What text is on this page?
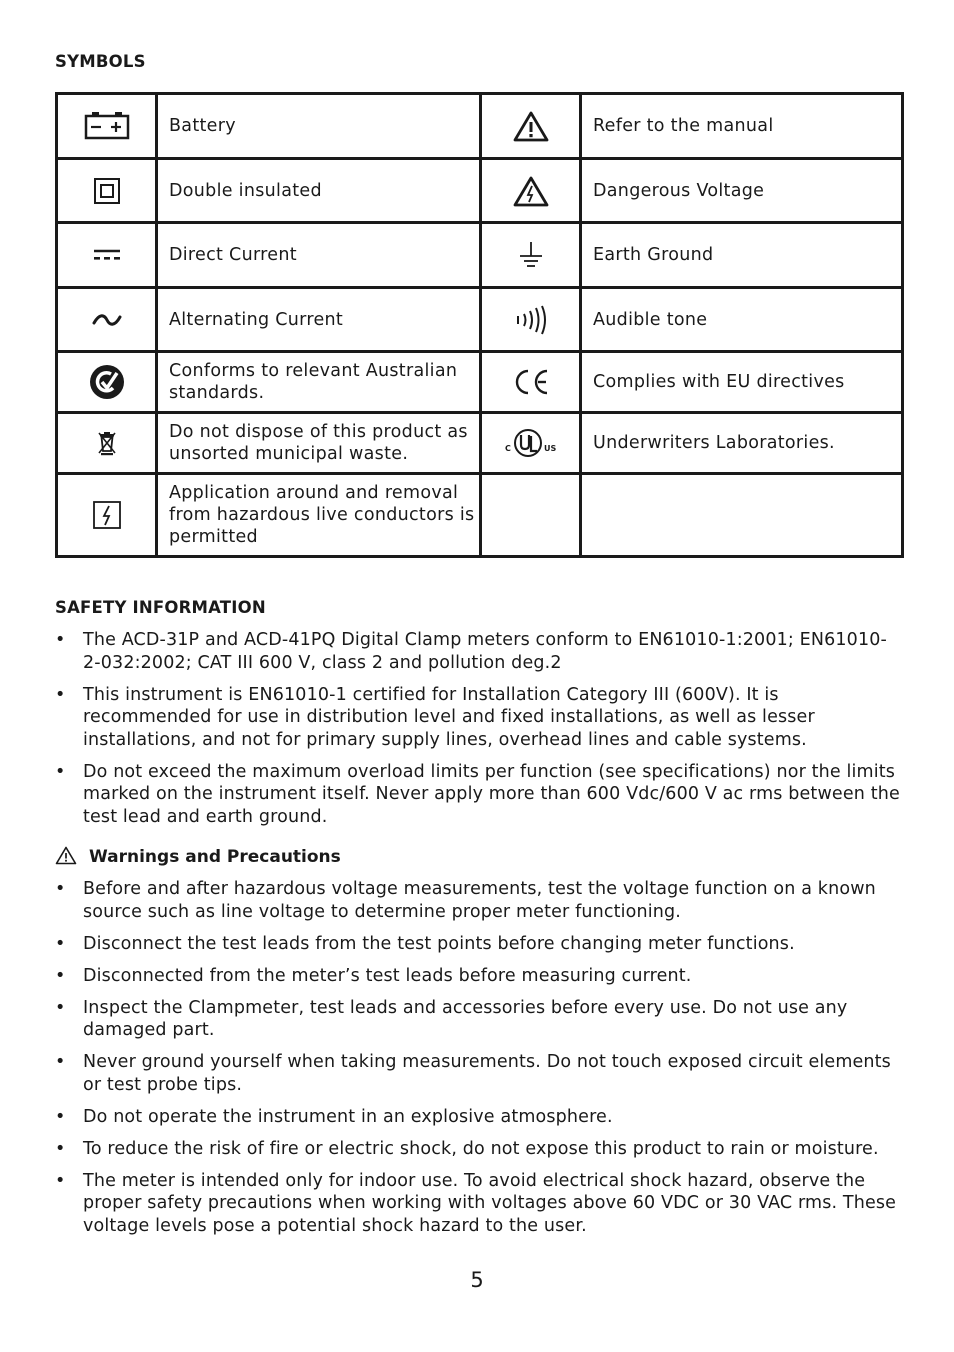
SYMBOLS
	Battery		Refer to the manual

	Double insulated		Dangerous Voltage

	Direct Current		Earth Ground

	Alternating Current		Audible tone

	Conforms to relevant Australian standards.		Complies with EU directives

	Do not dispose of this product as unsorted municipal waste.	C US	Underwriters Laboratories.

	Application around and removal from hazardous live conductors is permitted		
SAFETY INFORMATION
• The ACD-31P and ACD-41PQ Digital Clamp meters conform to EN61010-1:2001; EN61010- 2-032:2002; CAT III 600 V, class 2 and pollution deg.2
• This instrument is EN61010-1 certified for Installation Category III (600V). It is recommended for use in distribution level and fixed installations, as well as lesser installations, and not for primary supply lines, overhead lines and cable systems.
• Do not exceed the maximum overload limits per function (see specifications) nor the limits marked on the instrument itself. Never apply more than 600 Vdc/600 V ac rms between the test lead and earth ground.
Warnings and Precautions
• Before and after hazardous voltage measurements, test the voltage function on a known source such as line voltage to determine proper meter functioning.
• Disconnect the test leads from the test points before changing meter functions.
• Disconnected from the meter’s test leads before measuring current.
• Inspect the Clampmeter, test leads and accessories before every use. Do not use any damaged part.
• Never ground yourself when taking measurements. Do not touch exposed circuit elements or test probe tips.
• Do not operate the instrument in an explosive atmosphere.
• To reduce the risk of fire or electric shock, do not expose this product to rain or moisture.
• The meter is intended only for indoor use. To avoid electrical shock hazard, observe the proper safety precautions when working with voltages above 60 VDC or 30 VAC rms. These voltage levels pose a potential shock hazard to the user.
5
